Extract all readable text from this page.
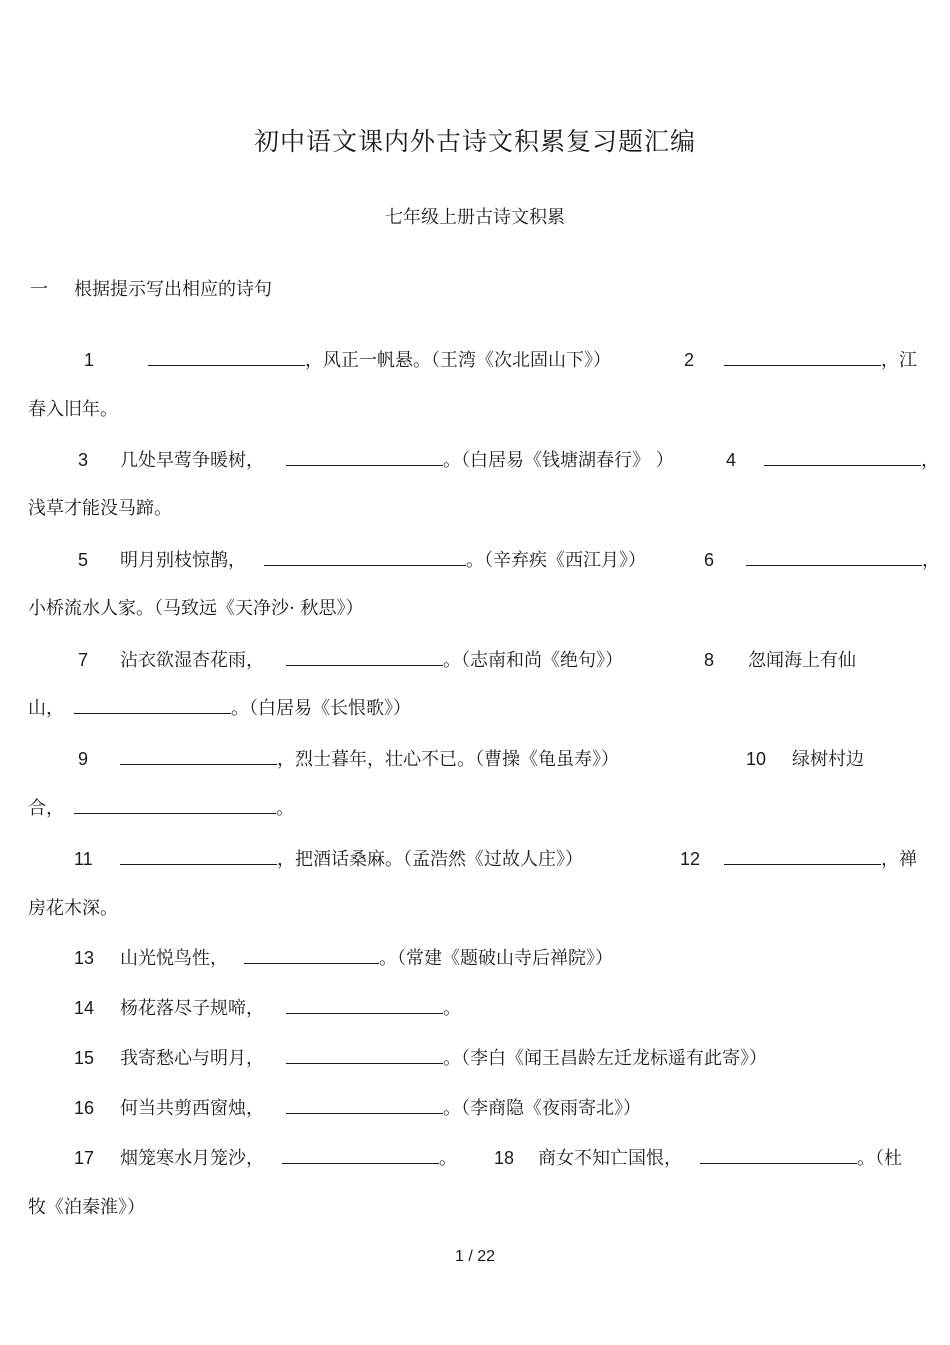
初中语文课内外古诗文积累复习题汇编
七年级上册古诗文积累
一 根据提示写出相应的诗句
1	，风正一帆悬。（王湾《次北固山下》）	2	，江
春入旧年。
3 几处早莺争暖树，	。（白居易《钱塘湖春行》 ）	4	，
浅草才能没马蹄。
5 明月别枝惊鹊，	。（辛弃疾《西江月》）	6	，
小桥流水人家。（马致远《天净沙· 秋思》）
7 沾衣欲湿杏花雨，	。（志南和尚《绝句》）	8 忽闻海上有仙
山，	。（白居易《长恨歌》）
9	，烈士暮年，壮心不已。（曹操《龟虽寿》）	10 绿树村边
合，	。
11	，把酒话桑麻。（孟浩然《过故人庄》）	12	，禅
房花木深。
13 山光悦鸟性，	。（常建《题破山寺后禅院》）
14 杨花落尽子规啼，	。
15 我寄愁心与明月，	。（李白《闻王昌龄左迁龙标遥有此寄》）
16 何当共剪西窗烛，	。（李商隐《夜雨寄北》）
17 烟笼寒水月笼沙，	。	18 商女不知亡国恨，	。（杜
牧《泊秦淮》）
1 / 22
